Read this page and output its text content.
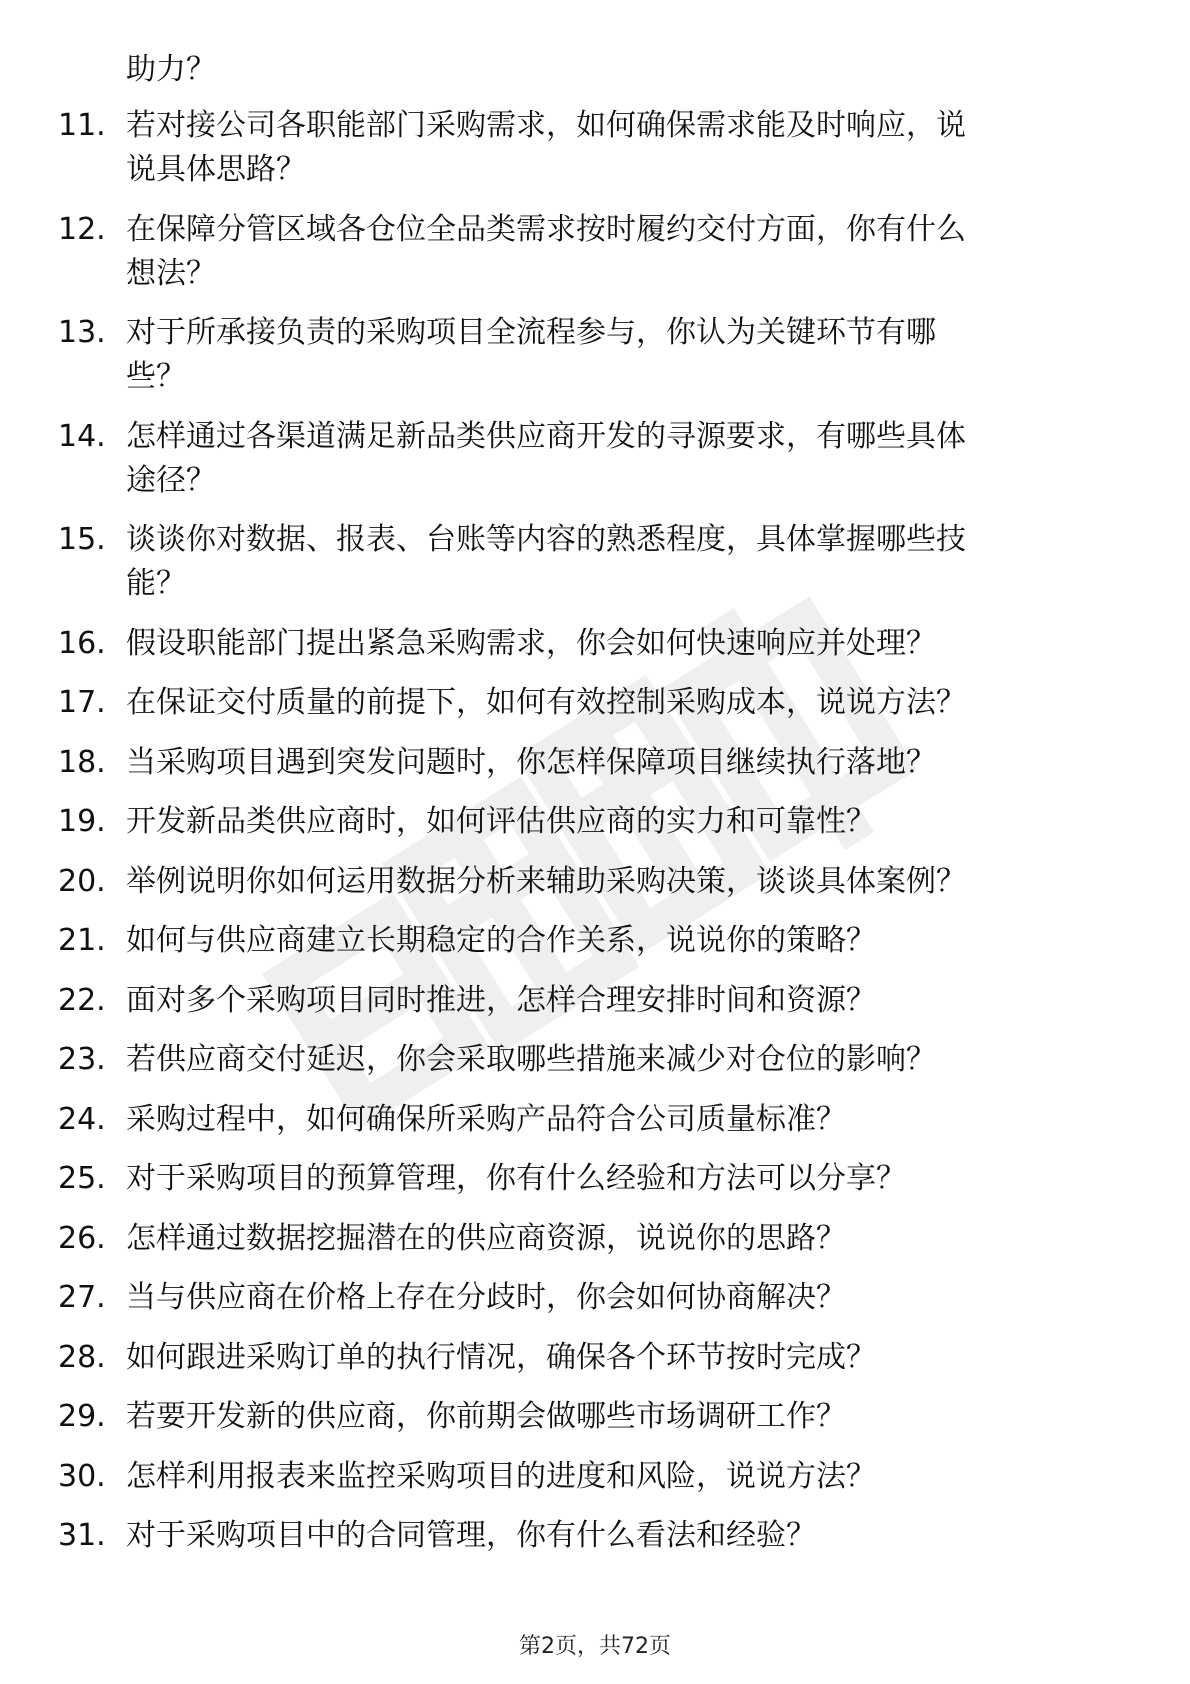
助力？
11. 若对接公司各职能部门采购需求，如何确保需求能及时响应，说
说具体思路？
12. 在保障分管区域各仓位全品类需求按时履约交付方面，你有什么
想法？
13. 对于所承接负责的采购项目全流程参与，你认为关键环节有哪
些？
14. 怎样通过各渠道满足新品类供应商开发的寻源要求，有哪些具体
途径？
15. 谈谈你对数据、报表、台账等内容的熟悉程度，具体掌握哪些技
能？
16. 假设职能部门提出紧急采购需求，你会如何快速响应并处理？
17. 在保证交付质量的前提下，如何有效控制采购成本，说说方法？
18. 当采购项目遇到突发问题时，你怎样保障项目继续执行落地？
19. 开发新品类供应商时，如何评估供应商的实力和可靠性？
20. 举例说明你如何运用数据分析来辅助采购决策，谈谈具体案例？
21. 如何与供应商建立长期稳定的合作关系，说说你的策略？
22. 面对多个采购项目同时推进，怎样合理安排时间和资源？
23. 若供应商交付延迟，你会采取哪些措施来减少对仓位的影响？
24. 采购过程中，如何确保所采购产品符合公司质量标准？
25. 对于采购项目的预算管理，你有什么经验和方法可以分享？
26. 怎样通过数据挖掘潜在的供应商资源，说说你的思路？
27. 当与供应商在价格上存在分歧时，你会如何协商解决？
28. 如何跟进采购订单的执行情况，确保各个环节按时完成？
29. 若要开发新的供应商，你前期会做哪些市场调研工作？
30. 怎样利用报表来监控采购项目的进度和风险，说说方法？
31. 对于采购项目中的合同管理，你有什么看法和经验？
第2页，共72页
